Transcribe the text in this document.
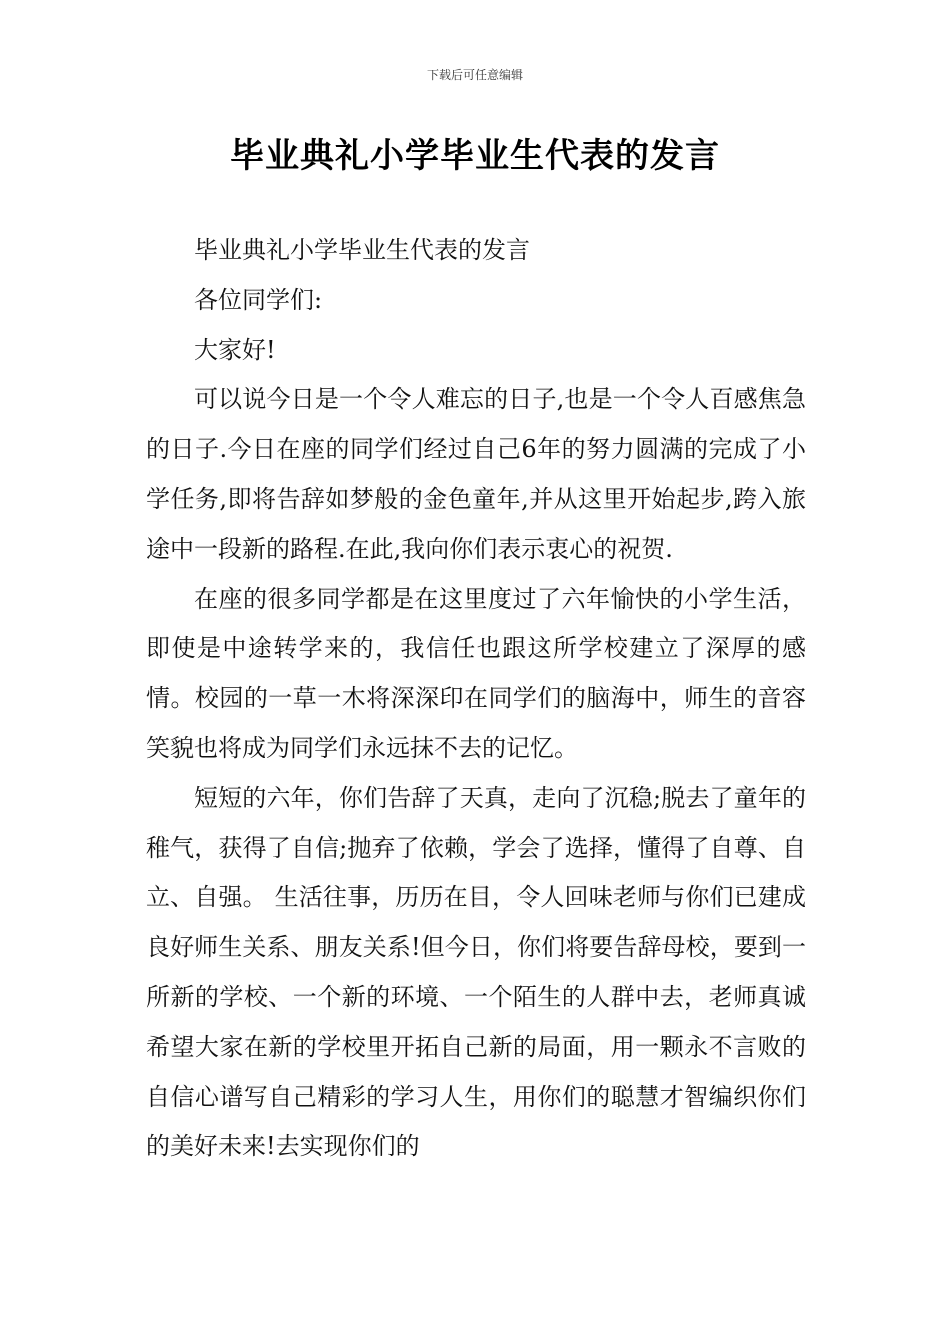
下载后可任意编辑
毕业典礼小学毕业生代表的发言

毕业典礼小学毕业生代表的发言

各位同学们:

大家好!

可以说今日是一个令人难忘的日子,也是一个令人百感焦急的日子.今日在座的同学们经过自己6年的努力圆满的完成了小学任务,即将告辞如梦般的金色童年,并从这里开始起步,跨入旅途中一段新的路程.在此,我向你们表示衷心的祝贺.

在座的很多同学都是在这里度过了六年愉快的小学生活，即使是中途转学来的，我信任也跟这所学校建立了深厚的感情。校园的一草一木将深深印在同学们的脑海中，师生的音容笑貌也将成为同学们永远抹不去的记忆。

短短的六年，你们告辞了天真，走向了沉稳;脱去了童年的稚气，获得了自信;抛弃了依赖，学会了选择，懂得了自尊、自立、自强。 生活往事，历历在目，令人回味老师与你们已建成良好师生关系、朋友关系!但今日，你们将要告辞母校，要到一所新的学校、一个新的环境、一个陌生的人群中去，老师真诚希望大家在新的学校里开拓自己新的局面，用一颗永不言败的自信心谱写自己精彩的学习人生，用你们的聪慧才智编织你们的美好未来!去实现你们的
